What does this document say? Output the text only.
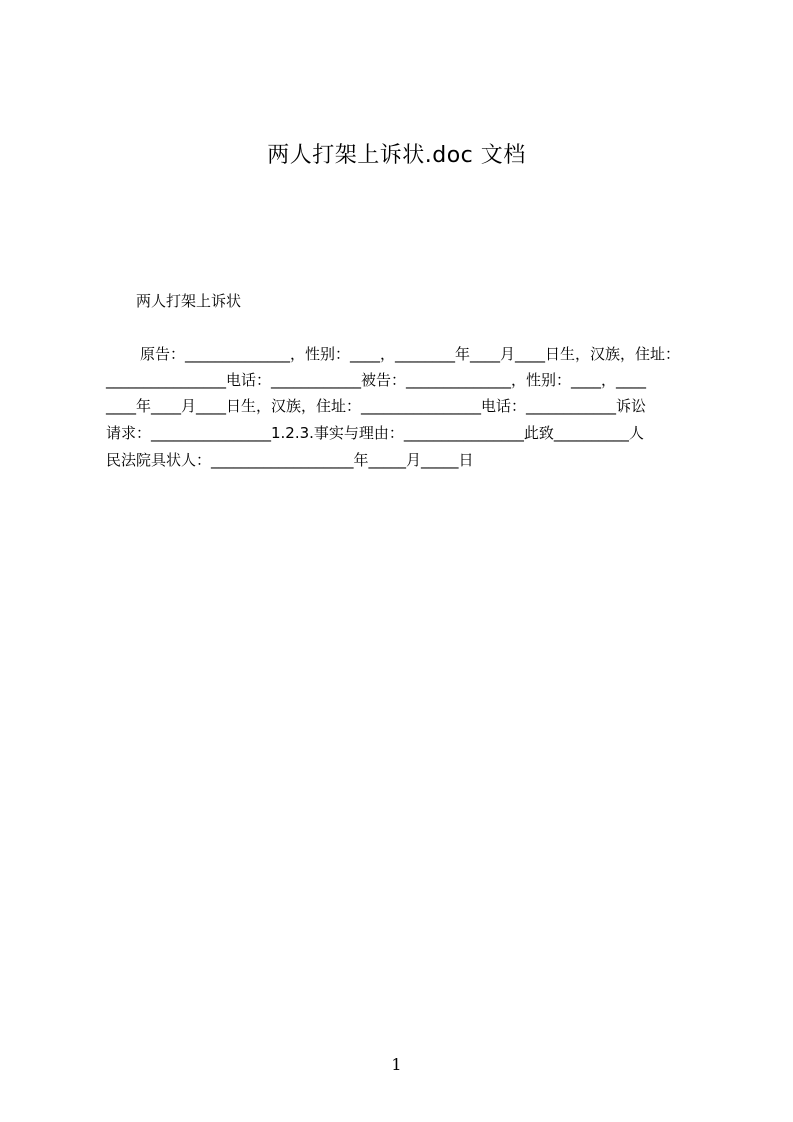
两人打架上诉状.doc 文档
两人打架上诉状
原告：______________，性别：____，________年____月____日生，汉族，住址：
________________电话：____________被告：______________，性别：____，____
____年____月____日生，汉族，住址：________________电话：____________诉讼
请求：________________1.2.3.事实与理由：________________此致__________人
民法院具状人：___________________年_____月_____日
1
